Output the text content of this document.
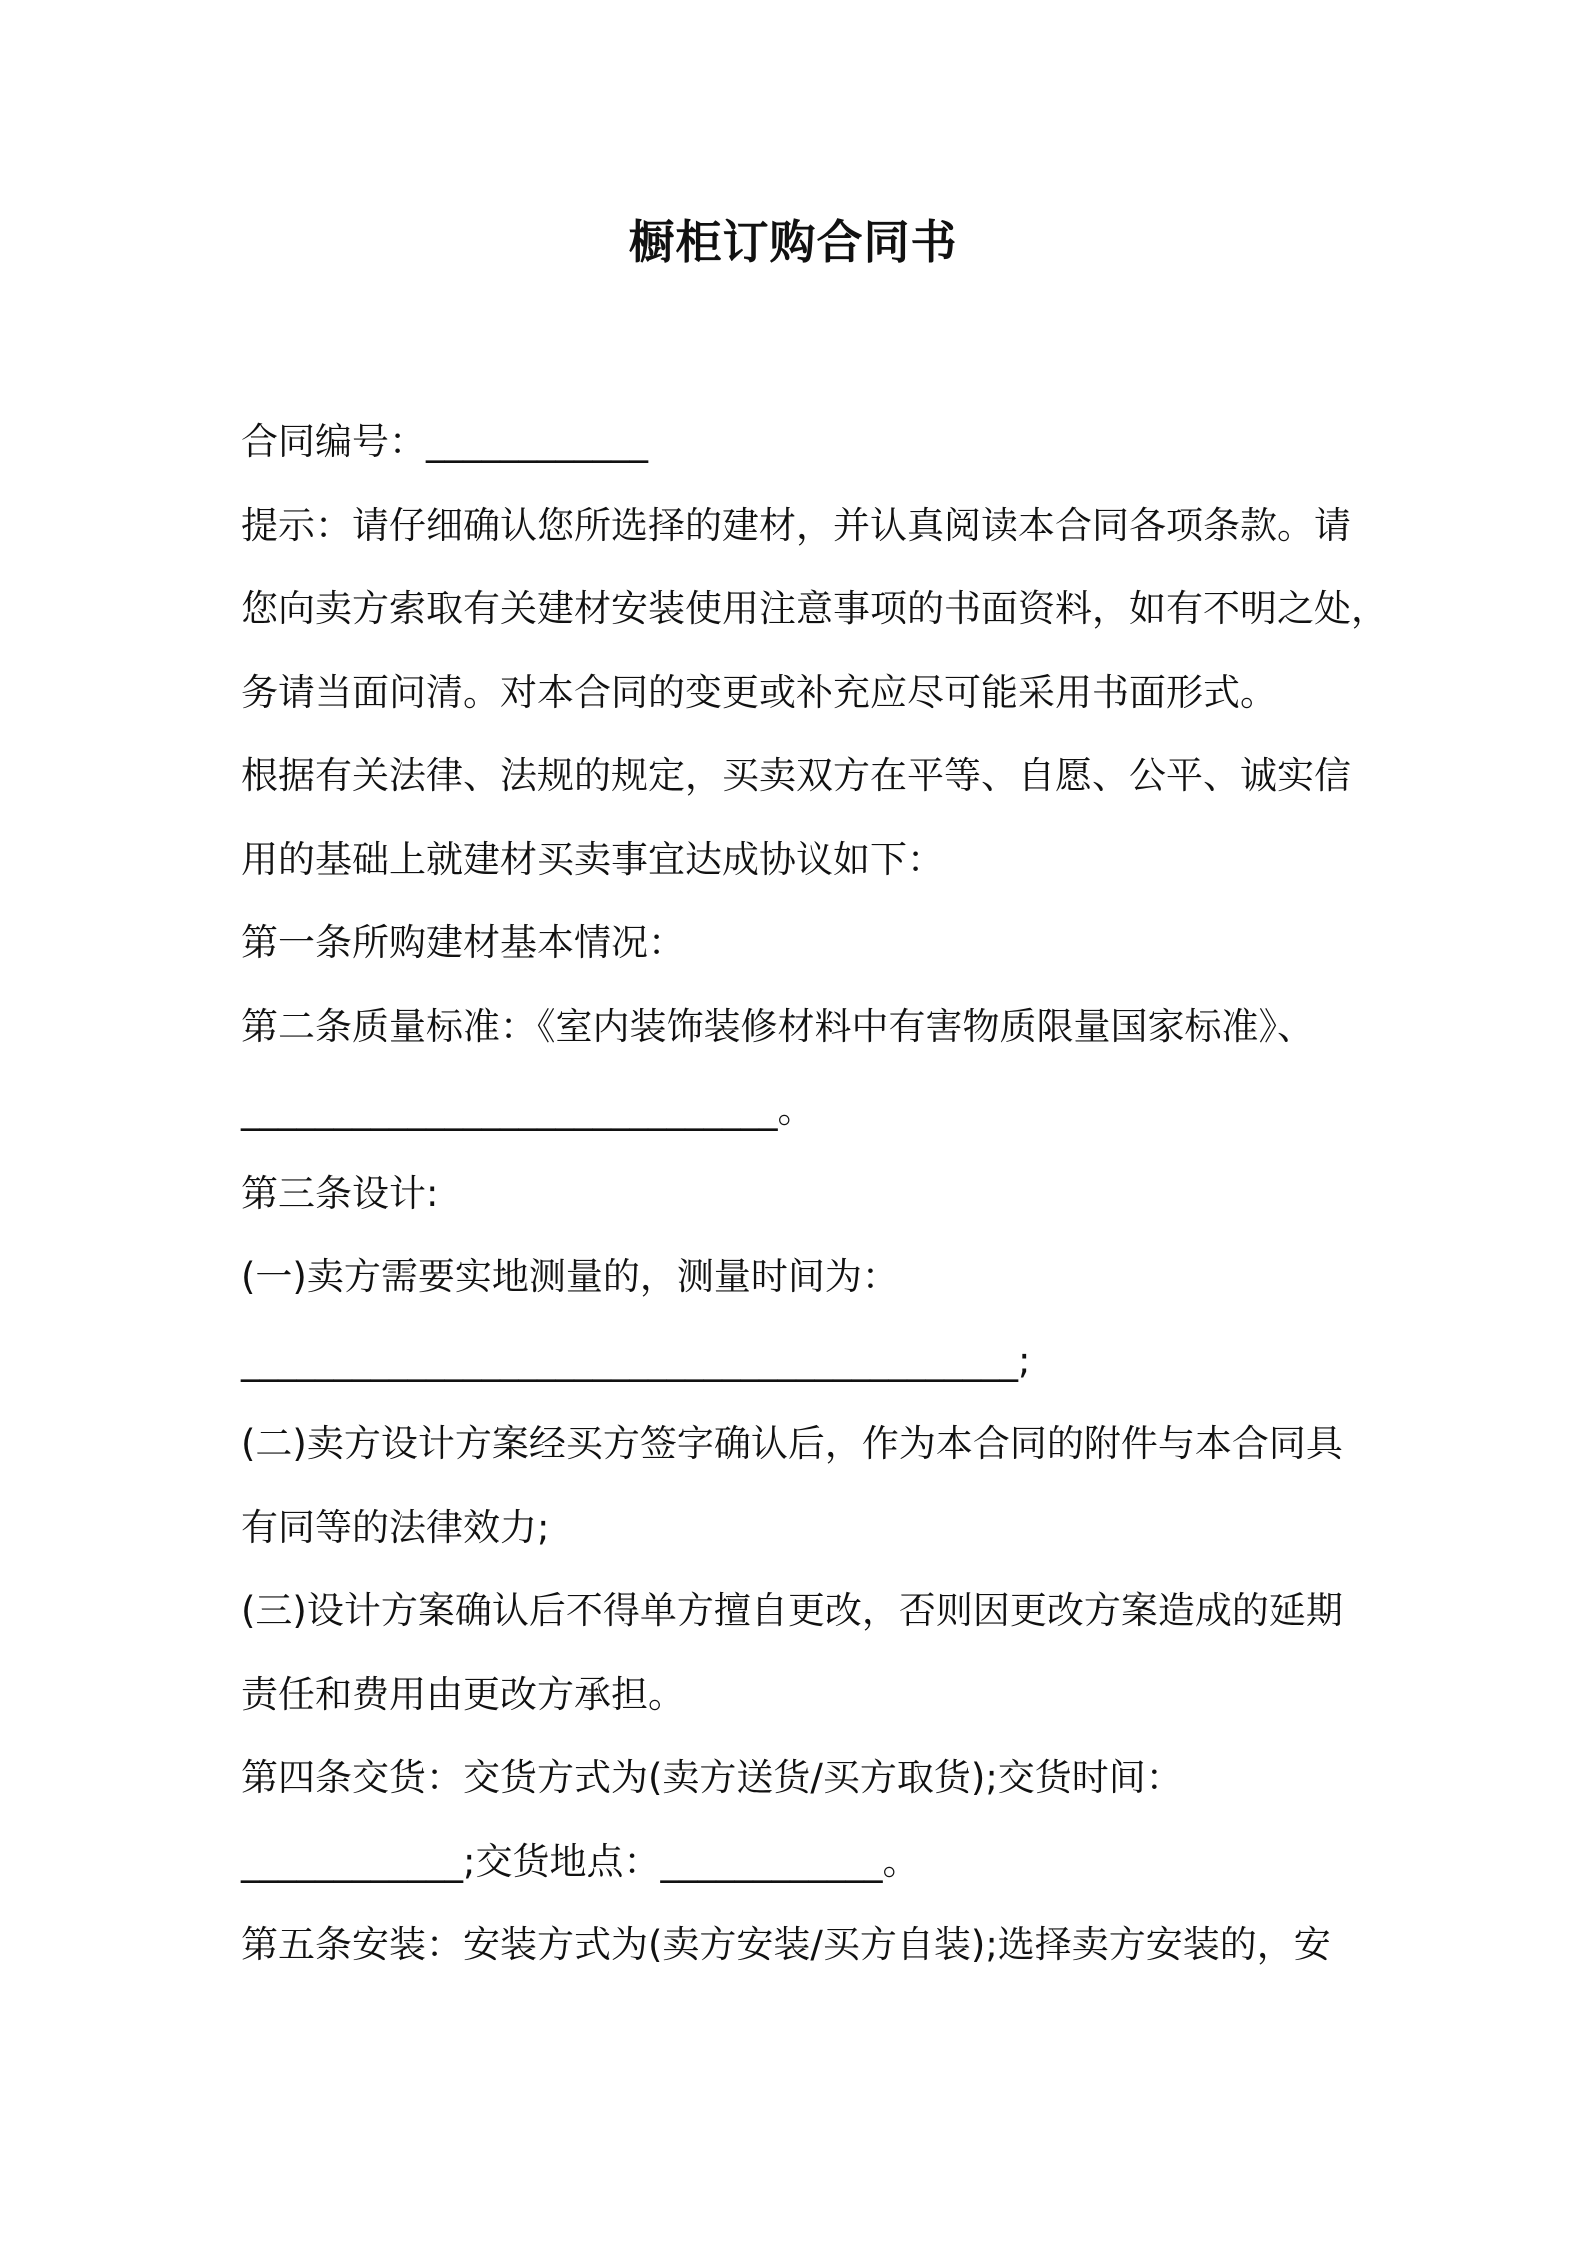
橱柜订购合同书

合同编号：____________

提示：请仔细确认您所选择的建材，并认真阅读本合同各项条款。请

您向卖方索取有关建材安装使用注意事项的书面资料，如有不明之处，

务请当面问清。对本合同的变更或补充应尽可能采用书面形式。

根据有关法律、法规的规定，买卖双方在平等、自愿、公平、诚实信

用的基础上就建材买卖事宜达成协议如下：

第一条所购建材基本情况：

第二条质量标准：《室内装饰装修材料中有害物质限量国家标准》、

_____________________________。

第三条设计:

(一)卖方需要实地测量的，测量时间为：

__________________________________________;

(二)卖方设计方案经买方签字确认后，作为本合同的附件与本合同具

有同等的法律效力;

(三)设计方案确认后不得单方擅自更改，否则因更改方案造成的延期

责任和费用由更改方承担。

第四条交货：交货方式为(卖方送货/买方取货);交货时间：

____________;交货地点：____________。

第五条安装：安装方式为(卖方安装/买方自装);选择卖方安装的，安
